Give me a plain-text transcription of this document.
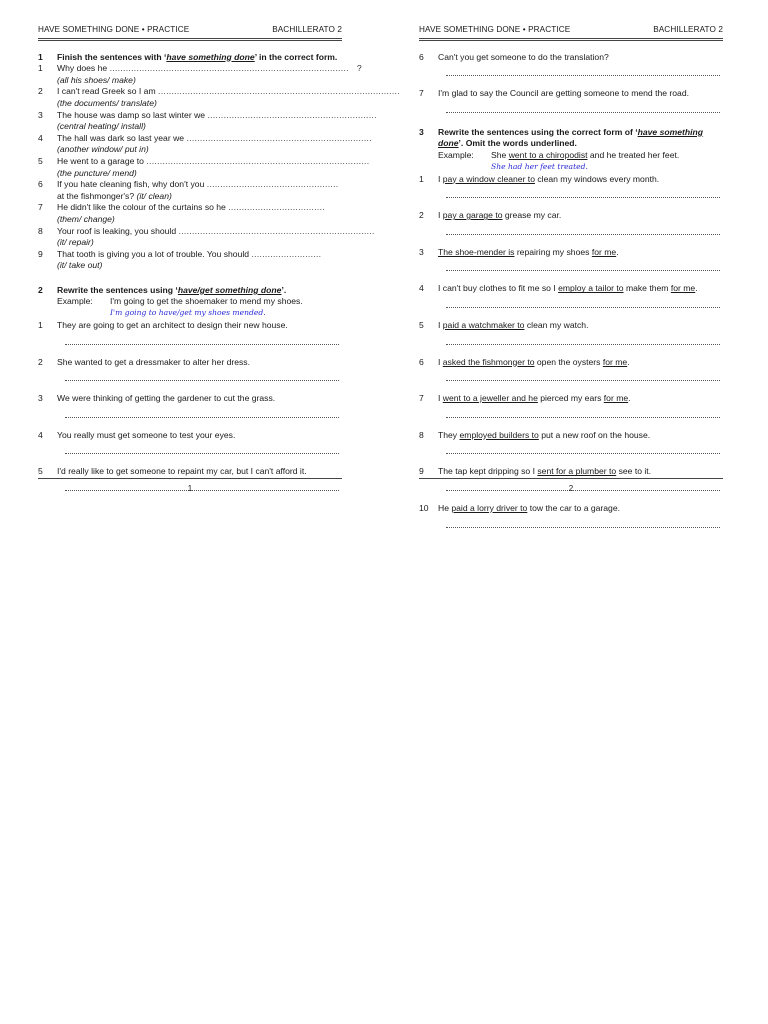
HAVE SOMETHING DONE • PRACTICE	BACHILLERATO 2
1	Finish the sentences with ‘have something done’ in the correct form.
1	Why does he .........................................................................................   ?
(all his shoes/ make)
2	I can't read Greek so I am ..........................................................................................
(the documents/ translate)
3	The house was damp so last winter we ...............................................................
(central heating/ install)
4	The hall was dark so last year we .....................................................................
(another window/ put in)
5	He went to a garage to ...................................................................................
(the puncture/ mend)
6	If you hate cleaning fish, why don't you .................................................
at the fishmonger's? (it/ clean)
7	He didn't like the colour of the curtains so he ....................................
(them/ change)
8	Your roof is leaking, you should .........................................................................
(it/ repair)
9	That tooth is giving you a lot of trouble. You should ..........................
(it/ take out)
2	Rewrite the sentences using ‘have/get something done’.
Example:	I'm going to get the shoemaker to mend my shoes.
I'm going to have/get my shoes mended.
1	They are going to get an architect to design their new house.
2	She wanted to get a dressmaker to alter her dress.
3	We were thinking of getting the gardener to cut the grass.
4	You really must get someone to test your eyes.
5	I'd really like to get someone to repaint my car, but I can't afford it.
1
HAVE SOMETHING DONE • PRACTICE	BACHILLERATO 2
6	Can't you get someone to do the translation?
7	I'm glad to say the Council are getting someone to mend the road.
3	Rewrite the sentences using the correct form of ‘have something done’. Omit the words underlined.
Example:	She went to a chiropodist and he treated her feet.
She had her feet treated.
1	I pay a window cleaner to clean my windows every month.
2	I pay a garage to grease my car.
3	The shoe-mender is repairing my shoes for me.
4	I can't buy clothes to fit me so I employ a tailor to make them for me.
5	I paid a watchmaker to clean my watch.
6	I asked the fishmonger to open the oysters for me.
7	I went to a jeweller and he pierced my ears for me.
8	They employed builders to put a new roof on the house.
9	The tap kept dripping so I sent for a plumber to see to it.
10	He paid a lorry driver to tow the car to a garage.
2
